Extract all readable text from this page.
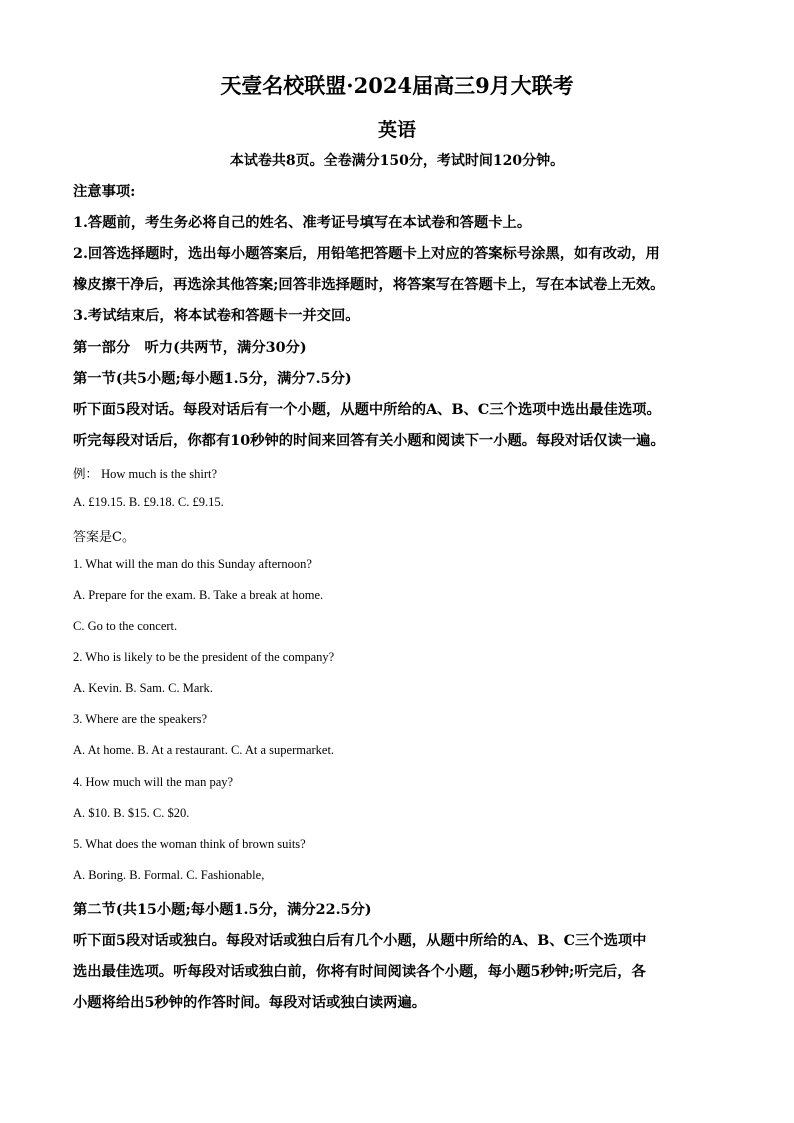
天壹名校联盟·2024届高三9月大联考
英语
本试卷共8页。全卷满分150分，考试时间120分钟。
注意事项:
1.答题前，考生务必将自己的姓名、准考证号填写在本试卷和答题卡上。
2.回答选择题时，选出每小题答案后，用铅笔把答题卡上对应的答案标号涂黑，如有改动，用
橡皮擦干净后，再选涂其他答案;回答非选择题时，将答案写在答题卡上，写在本试卷上无效。
3.考试结束后，将本试卷和答题卡一并交回。
第一部分　听力(共两节，满分30分)
第一节(共5小题;每小题1.5分，满分7.5分)
听下面5段对话。每段对话后有一个小题，从题中所给的A、B、C三个选项中选出最佳选项。
听完每段对话后，你都有10秒钟的时间来回答有关小题和阅读下一小题。每段对话仅读一遍。
例： How much is the shirt?
A. £19.15. B. £9.18. C. £9.15.
答案是C。
1. What will the man do this Sunday afternoon?
A. Prepare for the exam. B. Take a break at home.
C. Go to the concert.
2. Who is likely to be the president of the company?
A. Kevin. B. Sam. C. Mark.
3. Where are the speakers?
A. At home. B. At a restaurant. C. At a supermarket.
4. How much will the man pay?
A. $10. B. $15. C. $20.
5. What does the woman think of brown suits?
A. Boring. B. Formal. C. Fashionable,
第二节(共15小题;每小题1.5分，满分22.5分)
听下面5段对话或独白。每段对话或独白后有几个小题，从题中所给的A、B、C三个选项中
选出最佳选项。听每段对话或独白前，你将有时间阅读各个小题，每小题5秒钟;听完后，各
小题将给出5秒钟的作答时间。每段对话或独白读两遍。
